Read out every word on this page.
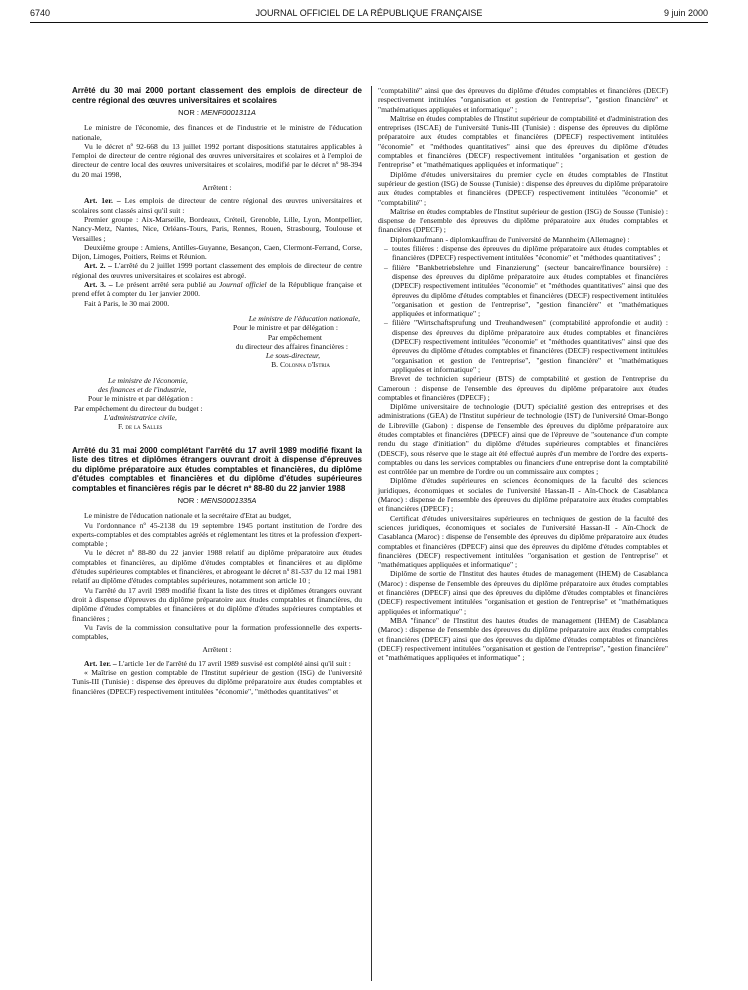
6740	JOURNAL OFFICIEL DE LA RÉPUBLIQUE FRANÇAISE	9 juin 2000

Arrêté du 30 mai 2000 portant classement des emplois de directeur de centre régional des œuvres universitaires et scolaires

NOR : MENF0001311A

Le ministre de l'économie, des finances et de l'industrie et le ministre de l'éducation nationale,

Vu le décret nº 92-668 du 13 juillet 1992 portant dispositions statutaires applicables à l'emploi de directeur de centre régional des œuvres universitaires et scolaires et à l'emploi de directeur de centre local des œuvres universitaires et scolaires, modifié par le décret nº 98-394 du 20 mai 1998,

Arrêtent :

Art. 1er. – Les emplois de directeur de centre régional des œuvres universitaires et scolaires sont classés ainsi qu'il suit :

Premier groupe : Aix-Marseille, Bordeaux, Créteil, Grenoble, Lille, Lyon, Montpellier, Nancy-Metz, Nantes, Nice, Orléans-Tours, Paris, Rennes, Rouen, Strasbourg, Toulouse et Versailles ;

Deuxième groupe : Amiens, Antilles-Guyanne, Besançon, Caen, Clermont-Ferrand, Corse, Dijon, Limoges, Poitiers, Reims et Réunion.

Art. 2. – L'arrêté du 2 juillet 1999 portant classement des emplois de directeur de centre régional des œuvres universitaires et scolaires est abrogé.

Art. 3. – Le présent arrêté sera publié au Journal officiel de la République française et prend effet à compter du 1er janvier 2000.

Fait à Paris, le 30 mai 2000.

Le ministre de l'éducation nationale,
Pour le ministre et par délégation :
Par empêchement
du directeur des affaires financières :
Le sous-directeur,
B. Colonna d'Istria
Le ministre de l'économie,
des finances et de l'industrie,
Pour le ministre et par délégation :
Par empêchement du directeur du budget :
L'administratrice civile,
F. de la Salles

Arrêté du 31 mai 2000 complétant l'arrêté du 17 avril 1989 modifié fixant la liste des titres et diplômes étrangers ouvrant droit à dispense d'épreuves du diplôme préparatoire aux études comptables et financières, du diplôme d'études comptables et financières et du diplôme d'études supérieures comptables et financières régis par le décret nº 88-80 du 22 janvier 1988

NOR : MENS0001335A

Le ministre de l'éducation nationale et la secrétaire d'Etat au budget,

Vu l'ordonnance nº 45-2138 du 19 septembre 1945 portant institution de l'ordre des experts-comptables et des comptables agréés et réglementant les titres et la profession d'expert-comptable ;

Vu le décret nº 88-80 du 22 janvier 1988 relatif au diplôme préparatoire aux études comptables et financières, au diplôme d'études comptables et financières et au diplôme d'études supérieures comptables et financières, et abrogeant le décret nº 81-537 du 12 mai 1981 relatif au diplôme d'études comptables supérieures, notamment son article 10 ;

Vu l'arrêté du 17 avril 1989 modifié fixant la liste des titres et diplômes étrangers ouvrant droit à dispense d'épreuves du diplôme préparatoire aux études comptables et financières, du diplôme d'études comptables et financières et du diplôme d'études supérieures comptables et financières ;

Vu l'avis de la commission consultative pour la formation professionnelle des experts-comptables,

Arrêtent :

Art. 1er. – L'article 1er de l'arrêté du 17 avril 1989 susvisé est complété ainsi qu'il suit :

« Maîtrise en gestion comptable de l'Institut supérieur de gestion (ISG) de l'université Tunis-III (Tunisie) : dispense des épreuves du diplôme préparatoire aux études comptables et financières (DPECF) respectivement intitulées "économie", "méthodes quantitatives" et

"comptabilité" ainsi que des épreuves du diplôme d'études comptables et financières (DECF) respectivement intitulées "organisation et gestion de l'entreprise", "gestion financière" et "mathématiques appliquées et informatique" ;

Maîtrise en études comptables de l'Institut supérieur de comptabilité et d'administration des entreprises (ISCAE) de l'université Tunis-III (Tunisie) : dispense des épreuves du diplôme préparatoire aux études comptables et financières (DPECF) respectivement intitulées "économie" et "méthodes quantitatives" ainsi que des épreuves du diplôme d'études comptables et financières (DECF) respectivement intitulées "organisation et gestion de l'entreprise" et "mathématiques appliquées et informatique" ;

Diplôme d'études universitaires du premier cycle en études comptables de l'Institut supérieur de gestion (ISG) de Sousse (Tunisie) : dispense des épreuves du diplôme préparatoire aux études comptables et financières (DPECF) respectivement intitulées "économie" et "comptabilité" ;

Maîtrise en études comptables de l'Institut supérieur de gestion (ISG) de Sousse (Tunisie) : dispense de l'ensemble des épreuves du diplôme préparatoire aux études comptables et financières (DPECF) ;

Diplomkaufmann - diplomkauffrau de l'université de Mannheim (Allemagne) :

– toutes filières : dispense des épreuves du diplôme préparatoire aux études comptables et financières (DPECF) respectivement intitulées "économie" et "méthodes quantitatives" ;
– filière "Bankbetriebslehre und Finanzierung" (secteur bancaire/finance boursière) : dispense des épreuves du diplôme préparatoire aux études comptables et financières (DPECF) respectivement intitulées "économie" et "méthodes quantitatives" ainsi que des épreuves du diplôme d'études comptables et financières (DECF) respectivement intitulées "organisation et gestion de l'entreprise", "gestion financière" et "mathématiques appliquées et informatique" ;
– filière "Wirtschaftsprufung und Treuhandwesen" (comptabilité approfondie et audit) : dispense des épreuves du diplôme préparatoire aux études comptables et financières (DPECF) respectivement intitulées "économie" et "méthodes quantitatives" ainsi que des épreuves du diplôme d'études comptables et financières (DECF) respectivement intitulées "organisation et gestion de l'entreprise", "gestion financière" et "mathématiques appliquées et informatique" ;

Brevet de technicien supérieur (BTS) de comptabilité et gestion de l'entreprise du Cameroun : dispense de l'ensemble des épreuves du diplôme préparatoire aux études comptables et financières (DPECF) ;

Diplôme universitaire de technologie (DUT) spécialité gestion des entreprises et des administrations (GEA) de l'Institut supérieur de technologie (IST) de l'université Omar-Bongo de Libreville (Gabon) : dispense de l'ensemble des épreuves du diplôme préparatoire aux études comptables et financières (DPECF) ainsi que de l'épreuve de "soutenance d'un compte rendu du stage d'initiation" du diplôme d'études supérieures comptables et financières (DESCF), sous réserve que le stage ait été effectué auprès d'un membre de l'ordre des experts-comptables ou dans les services comptables ou financiers d'une entreprise dont la comptabilité est contrôlée par un membre de l'ordre ou un commissaire aux comptes ;

Diplôme d'études supérieures en sciences économiques de la faculté des sciences juridiques, économiques et sociales de l'université Hassan-II - Aïn-Chock de Casablanca (Maroc) : dispense de l'ensemble des épreuves du diplôme préparatoire aux études comptables et financières (DPECF) ;

Certificat d'études universitaires supérieures en techniques de gestion de la faculté des sciences juridiques, économiques et sociales de l'université Hassan-II - Aïn-Chock de Casablanca (Maroc) : dispense de l'ensemble des épreuves du diplôme préparatoire aux études comptables et financières (DPECF) ainsi que des épreuves du diplôme d'études comptables et financières (DECF) respectivement intitulées "organisation et gestion de l'entreprise" et "mathématiques appliquées et informatique" ;

Diplôme de sortie de l'Institut des hautes études de management (IHEM) de Casablanca (Maroc) : dispense de l'ensemble des épreuves du diplôme préparatoire aux études comptables et financières (DPECF) ainsi que des épreuves du diplôme d'études comptables et financières (DECF) respectivement intitulées "organisation et gestion de l'entreprise" et "mathématiques appliquées et informatique" ;

MBA "finance" de l'Institut des hautes études de management (IHEM) de Casablanca (Maroc) : dispense de l'ensemble des épreuves du diplôme préparatoire aux études comptables et financières (DPECF) ainsi que des épreuves du diplôme d'études comptables et financières (DECF) respectivement intitulées "organisation et gestion de l'entreprise", "gestion financière" et "mathématiques appliquées et informatique" ;
